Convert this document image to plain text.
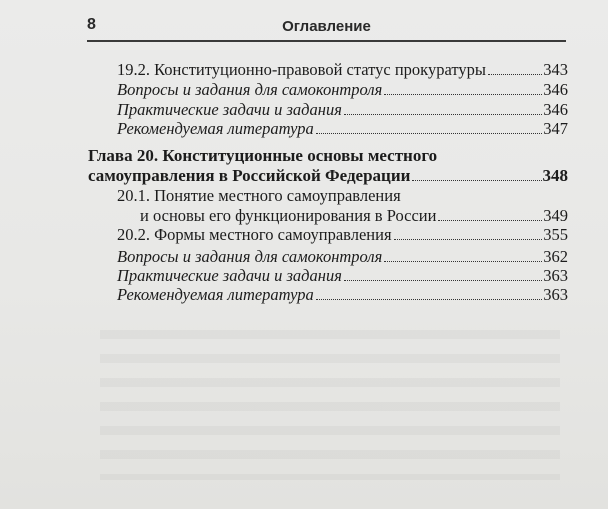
8	Оглавление
19.2. Конституционно-правовой статус прокуратуры	343
Вопросы и задания для самоконтроля	346
Практические задачи и задания	346
Рекомендуемая литература	347
Глава 20. Конституционные основы местного
самоуправления в Российской Федерации	348
20.1. Понятие местного самоуправления
и основы его функционирования в России	349
20.2. Формы местного самоуправления	355
Вопросы и задания для самоконтроля	362
Практические задачи и задания	363
Рекомендуемая литература	363
